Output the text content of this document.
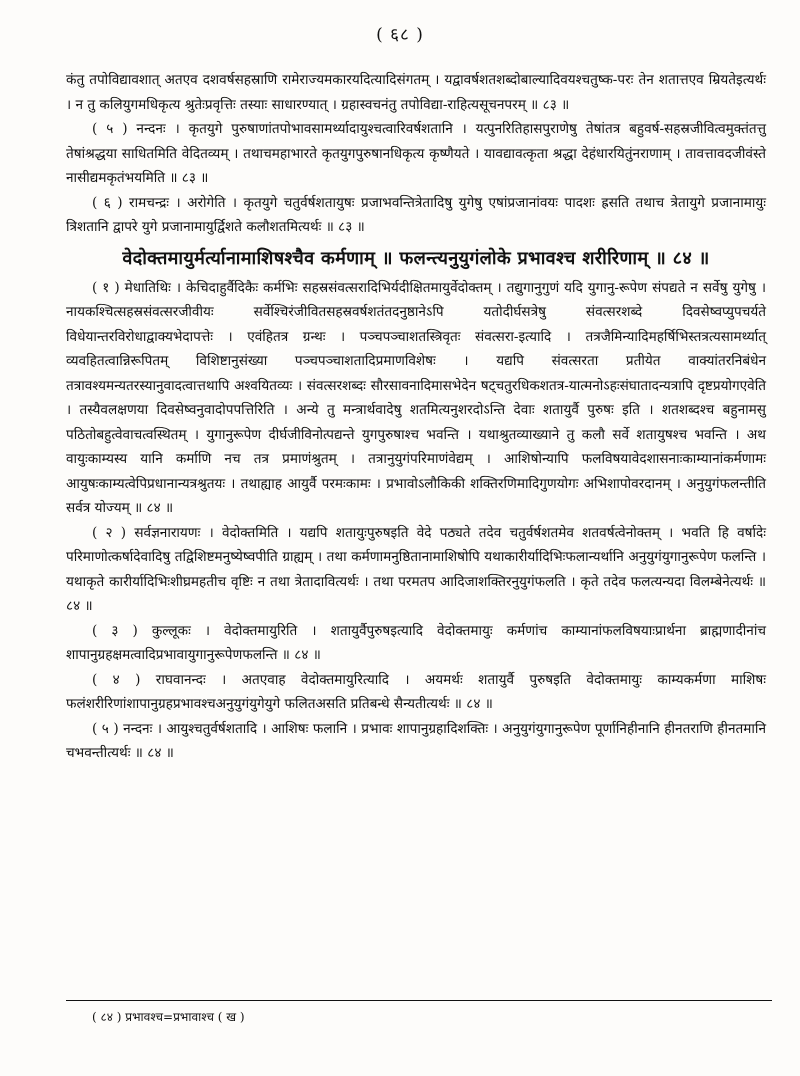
( ६८ )

कंतु तपोविद्यावशात् अतएव दशवर्षसहस्राणि रामेराज्यमकारयदित्यादिसंगतम् । यद्वावर्षशतशब्दोबाल्यादिवयश्चतुष्क-परः तेन शतात्तएव म्रियतेइत्यर्थः । न तु कलियुगमधिकृत्य श्रुतेःप्रवृत्तिः तस्याः साधारण्यात् । ग्रहास्वचनंतु तपोविद्या-राहित्यसूचनपरम् ॥ ८३ ॥

( ५ ) नन्दनः । कृतयुगे पुरुषाणांतपोभावसामर्थ्यादायुश्चत्वारिवर्षशतानि । यत्पुनरितिहासपुराणेषु तेषांतत्र बहुवर्ष-सहस्रजीवित्वमुक्तंतत्तु तेषांश्रद्धया साधितमिति वेदितव्यम् । तथाचमहाभारते कृतयुगपुरुषानधिकृत्य कृष्णैयते । यावद्यावत्कृता श्रद्धा देहंधारयितुंनराणाम् । तावत्तावदजीवंस्ते नासीद्यमकृतंभयमिति ॥ ८३ ॥

( ६ ) रामचन्द्रः । अरोगेति । कृतयुगे चतुर्वर्षशतायुषः प्रजाभवन्तित्रेतादिषु युगेषु एषांप्रजानांवयः पादशः ह्रसति तथाच त्रेतायुगे प्रजानामायुः त्रिशतानि द्वापरे युगे प्रजानामायुर्द्विशते कलौशतमित्यर्थः ॥ ८३ ॥

वेदोक्तमायुर्मर्त्यानामाशिषश्चैव कर्मणाम् ॥ फलन्त्यनुयुगंलोके प्रभावश्च शरीरिणाम् ॥ ८४ ॥

( १ ) मेधातिथिः । केचिदाहुर्वैदिकैः कर्मभिः सहस्रसंवत्सरादिभिर्यदीक्षितमायुर्वेदोक्तम् । तद्युगानुगुणं यदि युगानु-रूपेण संपद्यते न सर्वेषु युगेषु । नायकश्चित्सहस्रसंवत्सरजीवीयः सर्वेश्चिरंजीवितसहस्रवर्षशतंतदनुष्ठानेऽपि यतोदीर्घसत्रेषु संवत्सरशब्दे दिवसेष्वप्युपचर्यते विधेयान्तरविरोधाद्वाक्यभेदापत्तेः । एवंहितत्र ग्रन्थः । पञ्चपञ्चाशतस्त्रिवृतः संवत्सरा-इत्यादि । तत्रजैमिन्यादिमहर्षिभिस्तत्रत्यसामर्थ्यात् व्यवहितत्वान्निरूपितम् विशिष्टानुसंख्या पञ्चपञ्चाशतादिप्रमाणविशेषः । यद्यपि संवत्सरता प्रतीयेत वाक्यांतरनिबंधेन तत्रावश्यमन्यतरस्यानुवादत्वात्तथापि अश्वयितव्यः । संवत्सरशब्दः सौरसावनादिमासभेदेन षट्चतुरधिकशतत्र-यात्मनोऽहःसंघातादन्यत्रापि दृष्टप्रयोगएवेति । तस्यैवलक्षणया दिवसेष्वनुवादोपपत्तिरिति । अन्ये तु मन्त्रार्थवादेषु शतमित्यनुशरदोऽन्ति देवाः शतायुर्वै पुरुषः इति । शतशब्दश्च बहुनामसु पठितोबहुत्वेवाचत्वस्थितम् । युगानुरूपेण दीर्घजीविनोत्पद्यन्ते युगपुरुषाश्च भवन्ति । यथाश्रुतव्याख्याने तु कलौ सर्वे शतायुषश्च भवन्ति । अथ वायुःकाम्यस्य यानि कर्माणि नच तत्र प्रमाणंश्रुतम् । तत्रानुयुगंपरिमाणंवेद्यम् । आशिषोन्यापि फलविषयावेदशासनाःकाम्यानांकर्मणामः आयुषःकाम्यत्वेपिप्रधानान्यत्रश्रुतयः । तथाह्याह आयुर्वै परमःकामः । प्रभावोऽलौकिकी शक्तिरणिमादिगुणयोगः अभिशापोवरदानम् । अनुयुगंफलन्तीति सर्वत्र योज्यम् ॥ ८४ ॥

( २ ) सर्वज्ञनारायणः । वेदोक्तमिति । यद्यपि शतायुःपुरुषइति वेदे पठ्यते तदेव चतुर्वर्षशतमेव शतवर्षत्वेनोक्तम् । भवति हि वर्षादेः परिमाणोत्कर्षादेवादिषु तद्विशिष्टमनुष्येष्वपीति ग्राह्यम् । तथा कर्मणामनुष्ठितानामाशिषोपि यथाकारीर्यादिभिःफलान्यर्थानि अनुयुगंयुगानुरूपेण फलन्ति । यथाकृते कारीर्यादिभिःशीघ्रमहतीच वृष्टिः न तथा त्रेतादावित्यर्थः । तथा परमतप आदिजाशक्तिरनुयुगंफलति । कृते तदेव फलत्यन्यदा विलम्बेनेत्यर्थः ॥ ८४ ॥

( ३ ) कुल्लूकः । वेदोक्तमायुरिति । शतायुर्वैपुरुषइत्यादि वेदोक्तमायुः कर्मणांच काम्यानांफलविषयाःप्रार्थना ब्राह्मणादीनांच शापानुग्रहक्षमत्वादिप्रभावायुगानुरूपेणफलन्ति ॥ ८४ ॥

( ४ ) राघवानन्दः । अतएवाह वेदोक्तमायुरित्यादि । अयमर्थः शतायुर्वै पुरुषइति वेदोक्तमायुः काम्यकर्मणा माशिषः फलंशरीरिणांशापानुग्रहप्रभावश्चअनुयुगंयुगेयुगे फलितअसति प्रतिबन्धे सैन्यतीत्यर्थः ॥ ८४ ॥

( ५ ) नन्दनः । आयुश्चतुर्वर्षशतादि । आशिषः फलानि । प्रभावः शापानुग्रहादिशक्तिः । अनुयुगंयुगानुरूपेण पूर्णानिहीनानि हीनतराणि हीनतमानि चभवन्तीत्यर्थः ॥ ८४ ॥

( ८४ ) प्रभावश्च=प्रभावाश्च ( ख )
